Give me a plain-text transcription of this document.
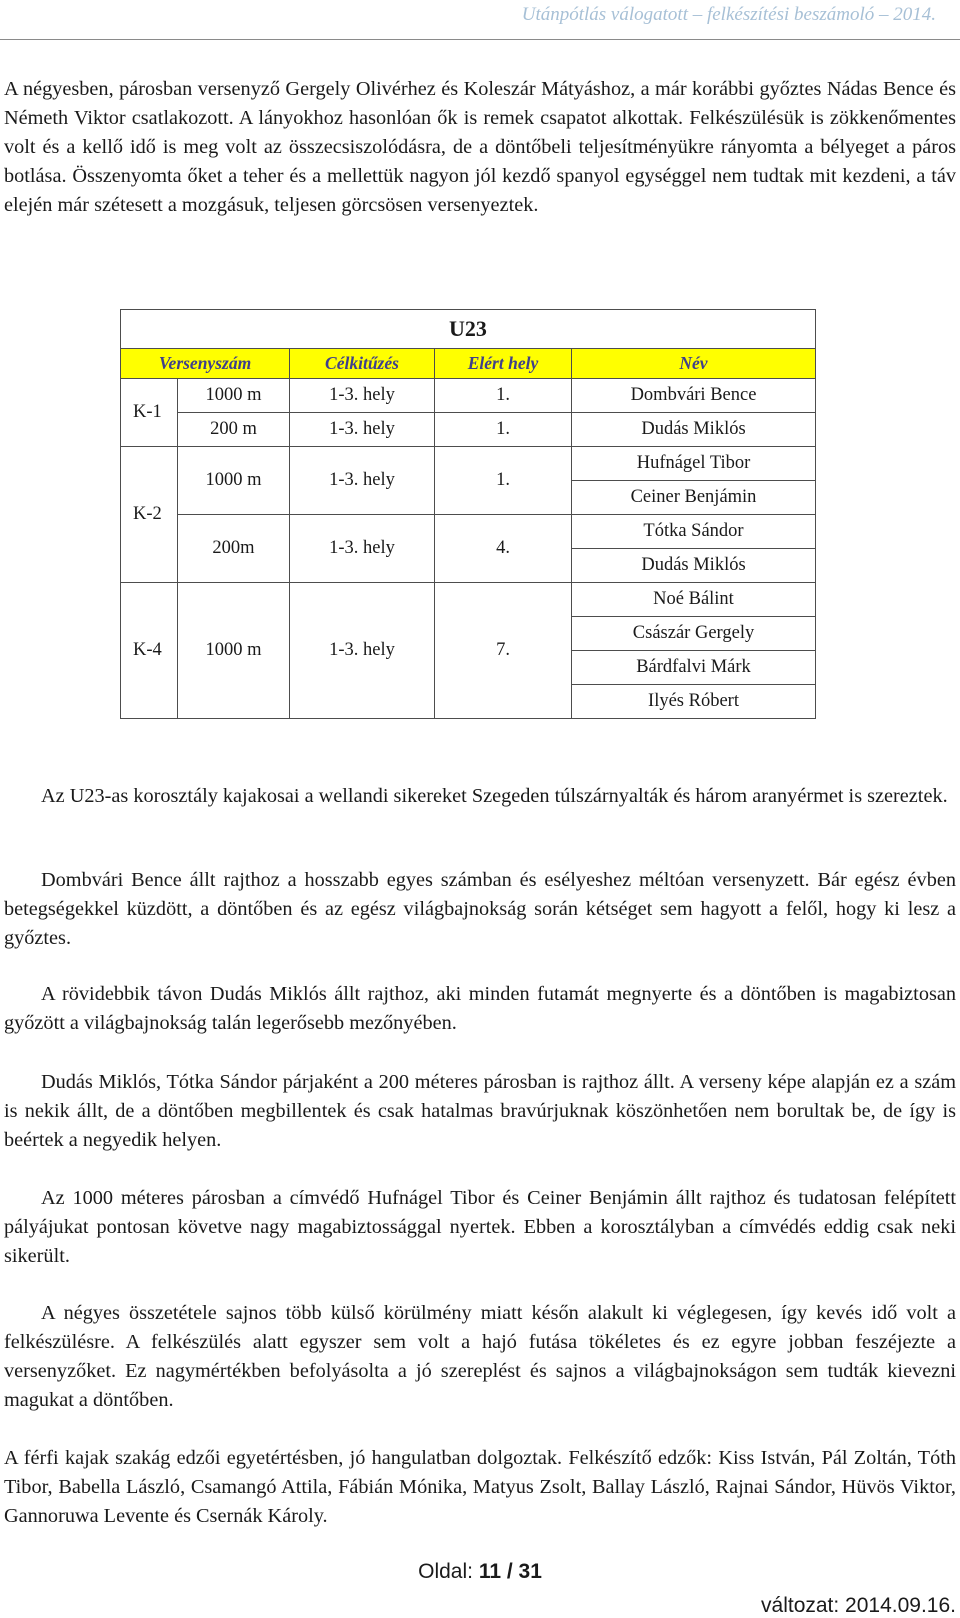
Utánpótlás válogatott – felkészítési beszámoló – 2014.

A négyesben, párosban versenyző Gergely Olivérhez és Koleszár Mátyáshoz, a már korábbi győztes Nádas Bence és Németh Viktor csatlakozott. A lányokhoz hasonlóan ők is remek csapatot alkottak. Felkészülésük is zökkenőmentes volt és a kellő idő is meg volt az összecsiszolódásra, de a döntőbeli teljesítményükre rányomta a bélyeget a páros botlása. Összenyomta őket a teher és a mellettük nagyon jól kezdő spanyol egységgel nem tudtak mit kezdeni, a táv elején már szétesett a mozgásuk, teljesen görcsösen versenyeztek.

U23				
Versenyszám		Célkitűzés	Elért hely	Név
K-1	1000 m	1-3. hely	1.	Dombvári Bence
	200 m	1-3. hely	1.	Dudás Miklós
K-2	1000 m	1-3. hely	1.	Hufnágel Tibor
				Ceiner Benjámin
	200m	1-3. hely	4.	Tótka Sándor
				Dudás Miklós
K-4	1000 m	1-3. hely	7.	Noé Bálint
				Császár Gergely
				Bárdfalvi Márk
				Ilyés Róbert

Az U23-as korosztály kajakosai a wellandi sikereket Szegeden túlszárnyalták és három aranyérmet is szereztek.

Dombvári Bence állt rajthoz a hosszabb egyes számban és esélyeshez méltóan versenyzett. Bár egész évben betegségekkel küzdött, a döntőben és az egész világbajnokság során kétséget sem hagyott a felől, hogy ki lesz a győztes.

A rövidebbik távon Dudás Miklós állt rajthoz, aki minden futamát megnyerte és a döntőben is magabiztosan győzött a világbajnokság talán legerősebb mezőnyében.

Dudás Miklós, Tótka Sándor párjaként a 200 méteres párosban is rajthoz állt. A verseny képe alapján ez a szám is nekik állt, de a döntőben megbillentek és csak hatalmas bravúrjuknak köszönhetően nem borultak be, de így is beértek a negyedik helyen.

Az 1000 méteres párosban a címvédő Hufnágel Tibor és Ceiner Benjámin állt rajthoz és tudatosan felépített pályájukat pontosan követve nagy magabiztossággal nyertek. Ebben a korosztályban a címvédés eddig csak neki sikerült.

A négyes összetétele sajnos több külső körülmény miatt későn alakult ki véglegesen, így kevés idő volt a felkészülésre. A felkészülés alatt egyszer sem volt a hajó futása tökéletes és ez egyre jobban feszéjezte a versenyzőket. Ez nagymértékben befolyásolta a jó szereplést és sajnos a világbajnokságon sem tudták kievezni magukat a döntőben.

A férfi kajak szakág edzői egyetértésben, jó hangulatban dolgoztak. Felkészítő edzők: Kiss István, Pál Zoltán, Tóth Tibor, Babella László, Csamangó Attila, Fábián Mónika, Matyus Zsolt, Ballay László, Rajnai Sándor, Hüvös Viktor, Gannoruwa Levente és Csernák Károly.

Oldal: 11 / 31
változat: 2014.09.16.
